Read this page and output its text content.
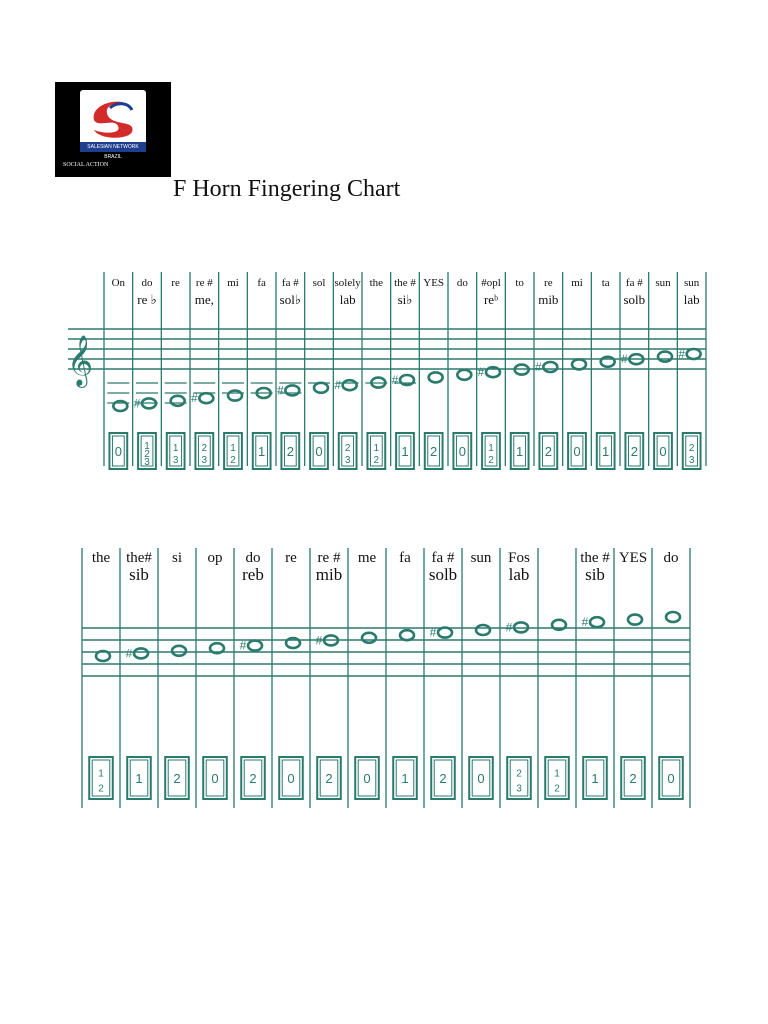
SALESIAN NETWORK BRAZIL
SOCIAL ACTION
F Horn Fingering Chart
𝄞
On
0
do
re ♭
#
1
2
3
re
1
3
re #
me,
#
2
3
mi
1
2
fa
1
fa #
sol♭
#
2
sol
0
solely
lab
#
2
3
the
1
2
the #
si♭
#
1
YES
2
do
0
#opl
reᵇ
#
1
2
to
1
re
mib
#
2
mi
0
ta
1
fa #
solb
#
2
sun
0
sun
lab
#
2
3
the
1
2
the#
sib
#
1
si
2
op
0
do
reb
#
2
re
0
re #
mib
#
2
me
0
fa
1
fa #
solb
#
2
sun
0
Fos
lab
#
2
3
1
2
the #
sib
#
1
YES
2
do
0
